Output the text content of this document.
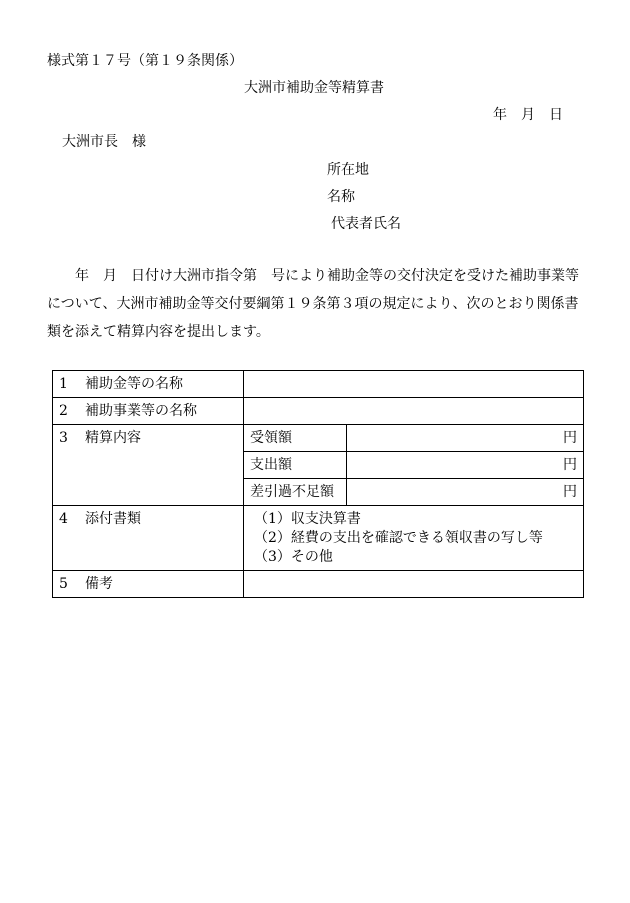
様式第１７号（第１９条関係）
大洲市補助金等精算書
年　月　日
大洲市長　様
所在地
名称
代表者氏名
年　月　日付け大洲市指令第　号により補助金等の交付決定を受けた補助事業等について、大洲市補助金等交付要綱第１９条第３項の規定により、次のとおり関係書類を添えて精算内容を提出します。
1 補助金等の名称		
2 補助事業等の名称		
3 精算内容	受領額	円
	支出額	円
	差引過不足額	円
4 添付書類	（1）収支決算書
（2）経費の支出を確認できる領収書の写し等
（3）その他	

5 備考		
